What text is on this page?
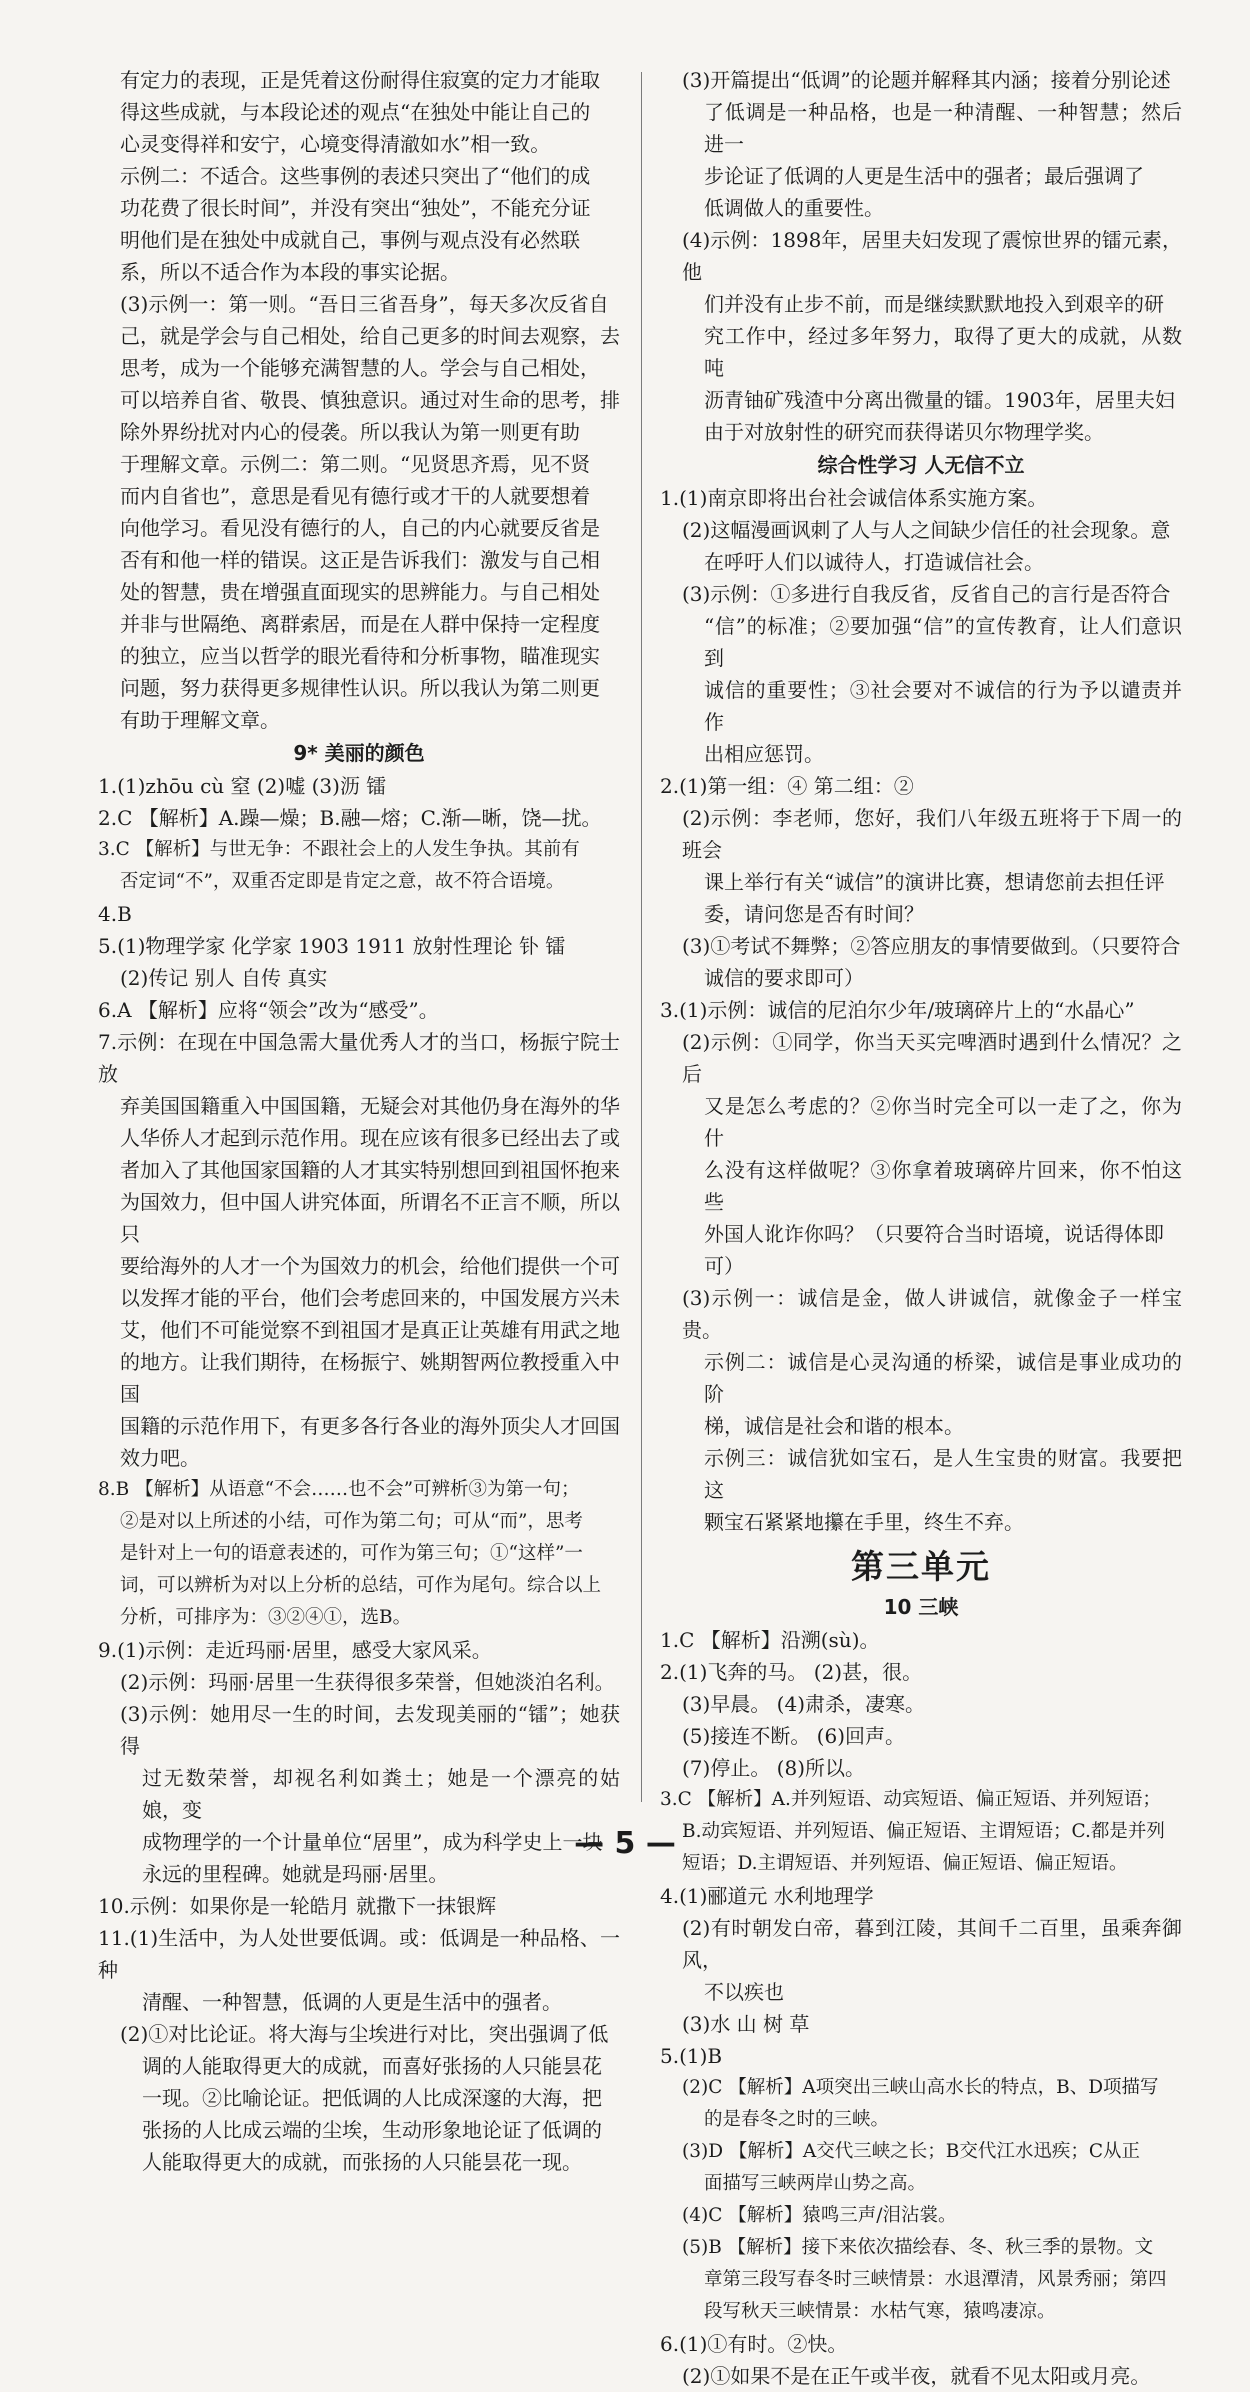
有定力的表现，正是凭着这份耐得住寂寞的定力才能取

得这些成就，与本段论述的观点“在独处中能让自己的

心灵变得祥和安宁，心境变得清澈如水”相一致。

示例二：不适合。这些事例的表述只突出了“他们的成

功花费了很长时间”，并没有突出“独处”，不能充分证

明他们是在独处中成就自己，事例与观点没有必然联

系，所以不适合作为本段的事实论据。

(3)示例一：第一则。“吾日三省吾身”，每天多次反省自

己，就是学会与自己相处，给自己更多的时间去观察，去

思考，成为一个能够充满智慧的人。学会与自己相处，

可以培养自省、敬畏、慎独意识。通过对生命的思考，排

除外界纷扰对内心的侵袭。所以我认为第一则更有助

于理解文章。示例二：第二则。“见贤思齐焉，见不贤

而内自省也”，意思是看见有德行或才干的人就要想着

向他学习。看见没有德行的人，自己的内心就要反省是

否有和他一样的错误。这正是告诉我们：激发与自己相

处的智慧，贵在增强直面现实的思辨能力。与自己相处

并非与世隔绝、离群索居，而是在人群中保持一定程度

的独立，应当以哲学的眼光看待和分析事物，瞄准现实

问题，努力获得更多规律性认识。所以我认为第二则更

有助于理解文章。

9* 美丽的颜色

1.(1)zhōu cù 窒 (2)嘘 (3)沥 镭

2.C 【解析】A.躁—燥；B.融—熔；C.渐—晰，饶—扰。

3.C 【解析】与世无争：不跟社会上的人发生争执。其前有

否定词“不”，双重否定即是肯定之意，故不符合语境。

4.B

5.(1)物理学家 化学家 1903 1911 放射性理论 钋 镭

(2)传记 别人 自传 真实

6.A 【解析】应将“领会”改为“感受”。

7.示例：在现在中国急需大量优秀人才的当口，杨振宁院士放

弃美国国籍重入中国国籍，无疑会对其他仍身在海外的华

人华侨人才起到示范作用。现在应该有很多已经出去了或

者加入了其他国家国籍的人才其实特别想回到祖国怀抱来

为国效力，但中国人讲究体面，所谓名不正言不顺，所以只

要给海外的人才一个为国效力的机会，给他们提供一个可

以发挥才能的平台，他们会考虑回来的，中国发展方兴未

艾，他们不可能觉察不到祖国才是真正让英雄有用武之地

的地方。让我们期待，在杨振宁、姚期智两位教授重入中国

国籍的示范作用下，有更多各行各业的海外顶尖人才回国

效力吧。

8.B 【解析】从语意“不会……也不会”可辨析③为第一句；

②是对以上所述的小结，可作为第二句；可从“而”，思考

是针对上一句的语意表述的，可作为第三句；①“这样”一

词，可以辨析为对以上分析的总结，可作为尾句。综合以上

分析，可排序为：③②④①，选B。

9.(1)示例：走近玛丽·居里，感受大家风采。

(2)示例：玛丽·居里一生获得很多荣誉，但她淡泊名利。

(3)示例：她用尽一生的时间，去发现美丽的“镭”；她获得

过无数荣誉，却视名利如粪土；她是一个漂亮的姑娘，变

成物理学的一个计量单位“居里”，成为科学史上一块

永远的里程碑。她就是玛丽·居里。

10.示例：如果你是一轮皓月 就撒下一抹银辉

11.(1)生活中，为人处世要低调。或：低调是一种品格、一种

清醒、一种智慧，低调的人更是生活中的强者。

(2)①对比论证。将大海与尘埃进行对比，突出强调了低

调的人能取得更大的成就，而喜好张扬的人只能昙花

一现。②比喻论证。把低调的人比成深邃的大海，把

张扬的人比成云端的尘埃，生动形象地论证了低调的

人能取得更大的成就，而张扬的人只能昙花一现。

(3)开篇提出“低调”的论题并解释其内涵；接着分别论述

了低调是一种品格，也是一种清醒、一种智慧；然后进一

步论证了低调的人更是生活中的强者；最后强调了

低调做人的重要性。

(4)示例：1898年，居里夫妇发现了震惊世界的镭元素，他

们并没有止步不前，而是继续默默地投入到艰辛的研

究工作中，经过多年努力，取得了更大的成就，从数吨

沥青铀矿残渣中分离出微量的镭。1903年，居里夫妇

由于对放射性的研究而获得诺贝尔物理学奖。

综合性学习 人无信不立

1.(1)南京即将出台社会诚信体系实施方案。

(2)这幅漫画讽刺了人与人之间缺少信任的社会现象。意

在呼吁人们以诚待人，打造诚信社会。

(3)示例：①多进行自我反省，反省自己的言行是否符合

“信”的标准；②要加强“信”的宣传教育，让人们意识到

诚信的重要性；③社会要对不诚信的行为予以谴责并作

出相应惩罚。

2.(1)第一组：④ 第二组：②

(2)示例：李老师，您好，我们八年级五班将于下周一的班会

课上举行有关“诚信”的演讲比赛，想请您前去担任评

委，请问您是否有时间？

(3)①考试不舞弊；②答应朋友的事情要做到。（只要符合

诚信的要求即可）

3.(1)示例：诚信的尼泊尔少年/玻璃碎片上的“水晶心”

(2)示例：①同学，你当天买完啤酒时遇到什么情况？之后

又是怎么考虑的？②你当时完全可以一走了之，你为什

么没有这样做呢？③你拿着玻璃碎片回来，你不怕这些

外国人讹诈你吗？（只要符合当时语境，说话得体即

可）

(3)示例一：诚信是金，做人讲诚信，就像金子一样宝贵。

示例二：诚信是心灵沟通的桥梁，诚信是事业成功的阶

梯，诚信是社会和谐的根本。

示例三：诚信犹如宝石，是人生宝贵的财富。我要把这

颗宝石紧紧地攥在手里，终生不弃。

第三单元

10 三峡

1.C 【解析】沿溯(sù)。

2.(1)飞奔的马。 (2)甚，很。

(3)早晨。 (4)肃杀，凄寒。

(5)接连不断。 (6)回声。

(7)停止。 (8)所以。

3.C 【解析】A.并列短语、动宾短语、偏正短语、并列短语；

B.动宾短语、并列短语、偏正短语、主谓短语；C.都是并列

短语；D.主谓短语、并列短语、偏正短语、偏正短语。

4.(1)郦道元 水利地理学

(2)有时朝发白帝，暮到江陵，其间千二百里，虽乘奔御风，

不以疾也

(3)水 山 树 草

5.(1)B

(2)C 【解析】A项突出三峡山高水长的特点，B、D项描写

的是春冬之时的三峡。

(3)D 【解析】A交代三峡之长；B交代江水迅疾；C从正

面描写三峡两岸山势之高。

(4)C 【解析】猿鸣三声/泪沾裳。

(5)B 【解析】接下来依次描绘春、冬、秋三季的景物。文

章第三段写春冬时三峡情景：水退潭清，风景秀丽；第四

段写秋天三峡情景：水枯气寒，猿鸣凄凉。

6.(1)①有时。②快。

(2)①如果不是在正午或半夜，就看不见太阳或月亮。

— 5 —
